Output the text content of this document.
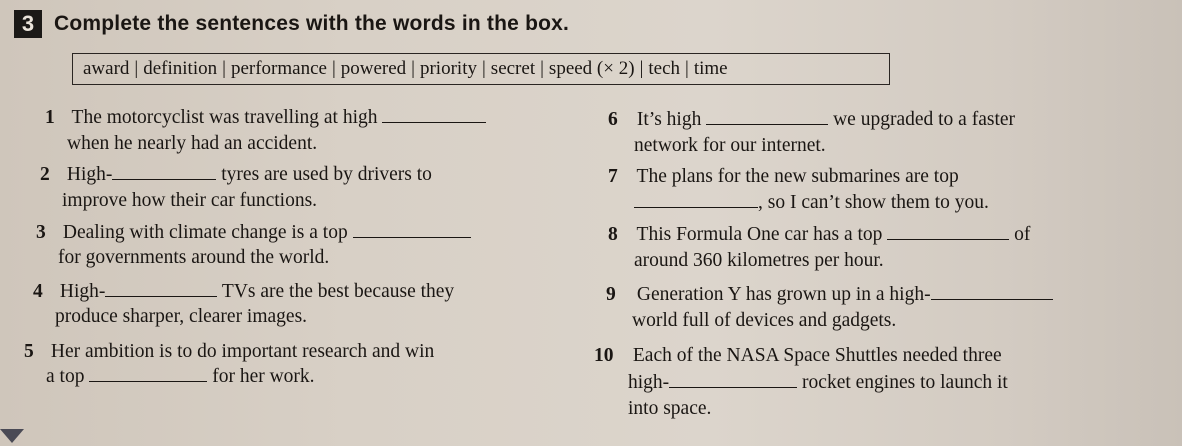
3 Complete the sentences with the words in the box.
award | definition | performance | powered | priority | secret | speed (× 2) | tech | time
1 The motorcyclist was travelling at high
when he nearly had an accident.
2 High-	tyres are used by drivers to
improve how their car functions.
3 Dealing with climate change is a top
for governments around the world.
4 High-	TVs are the best because they
produce sharper, clearer images.
5 Her ambition is to do important research and win
a top	for her work.
6 It’s high	we upgraded to a faster
network for our internet.
7 The plans for the new submarines are top
, so I can’t show them to you.
8 This Formula One car has a top	of
around 360 kilometres per hour.
9 Generation Y has grown up in a high-
world full of devices and gadgets.
10 Each of the NASA Space Shuttles needed three
high-	rocket engines to launch it
into space.
